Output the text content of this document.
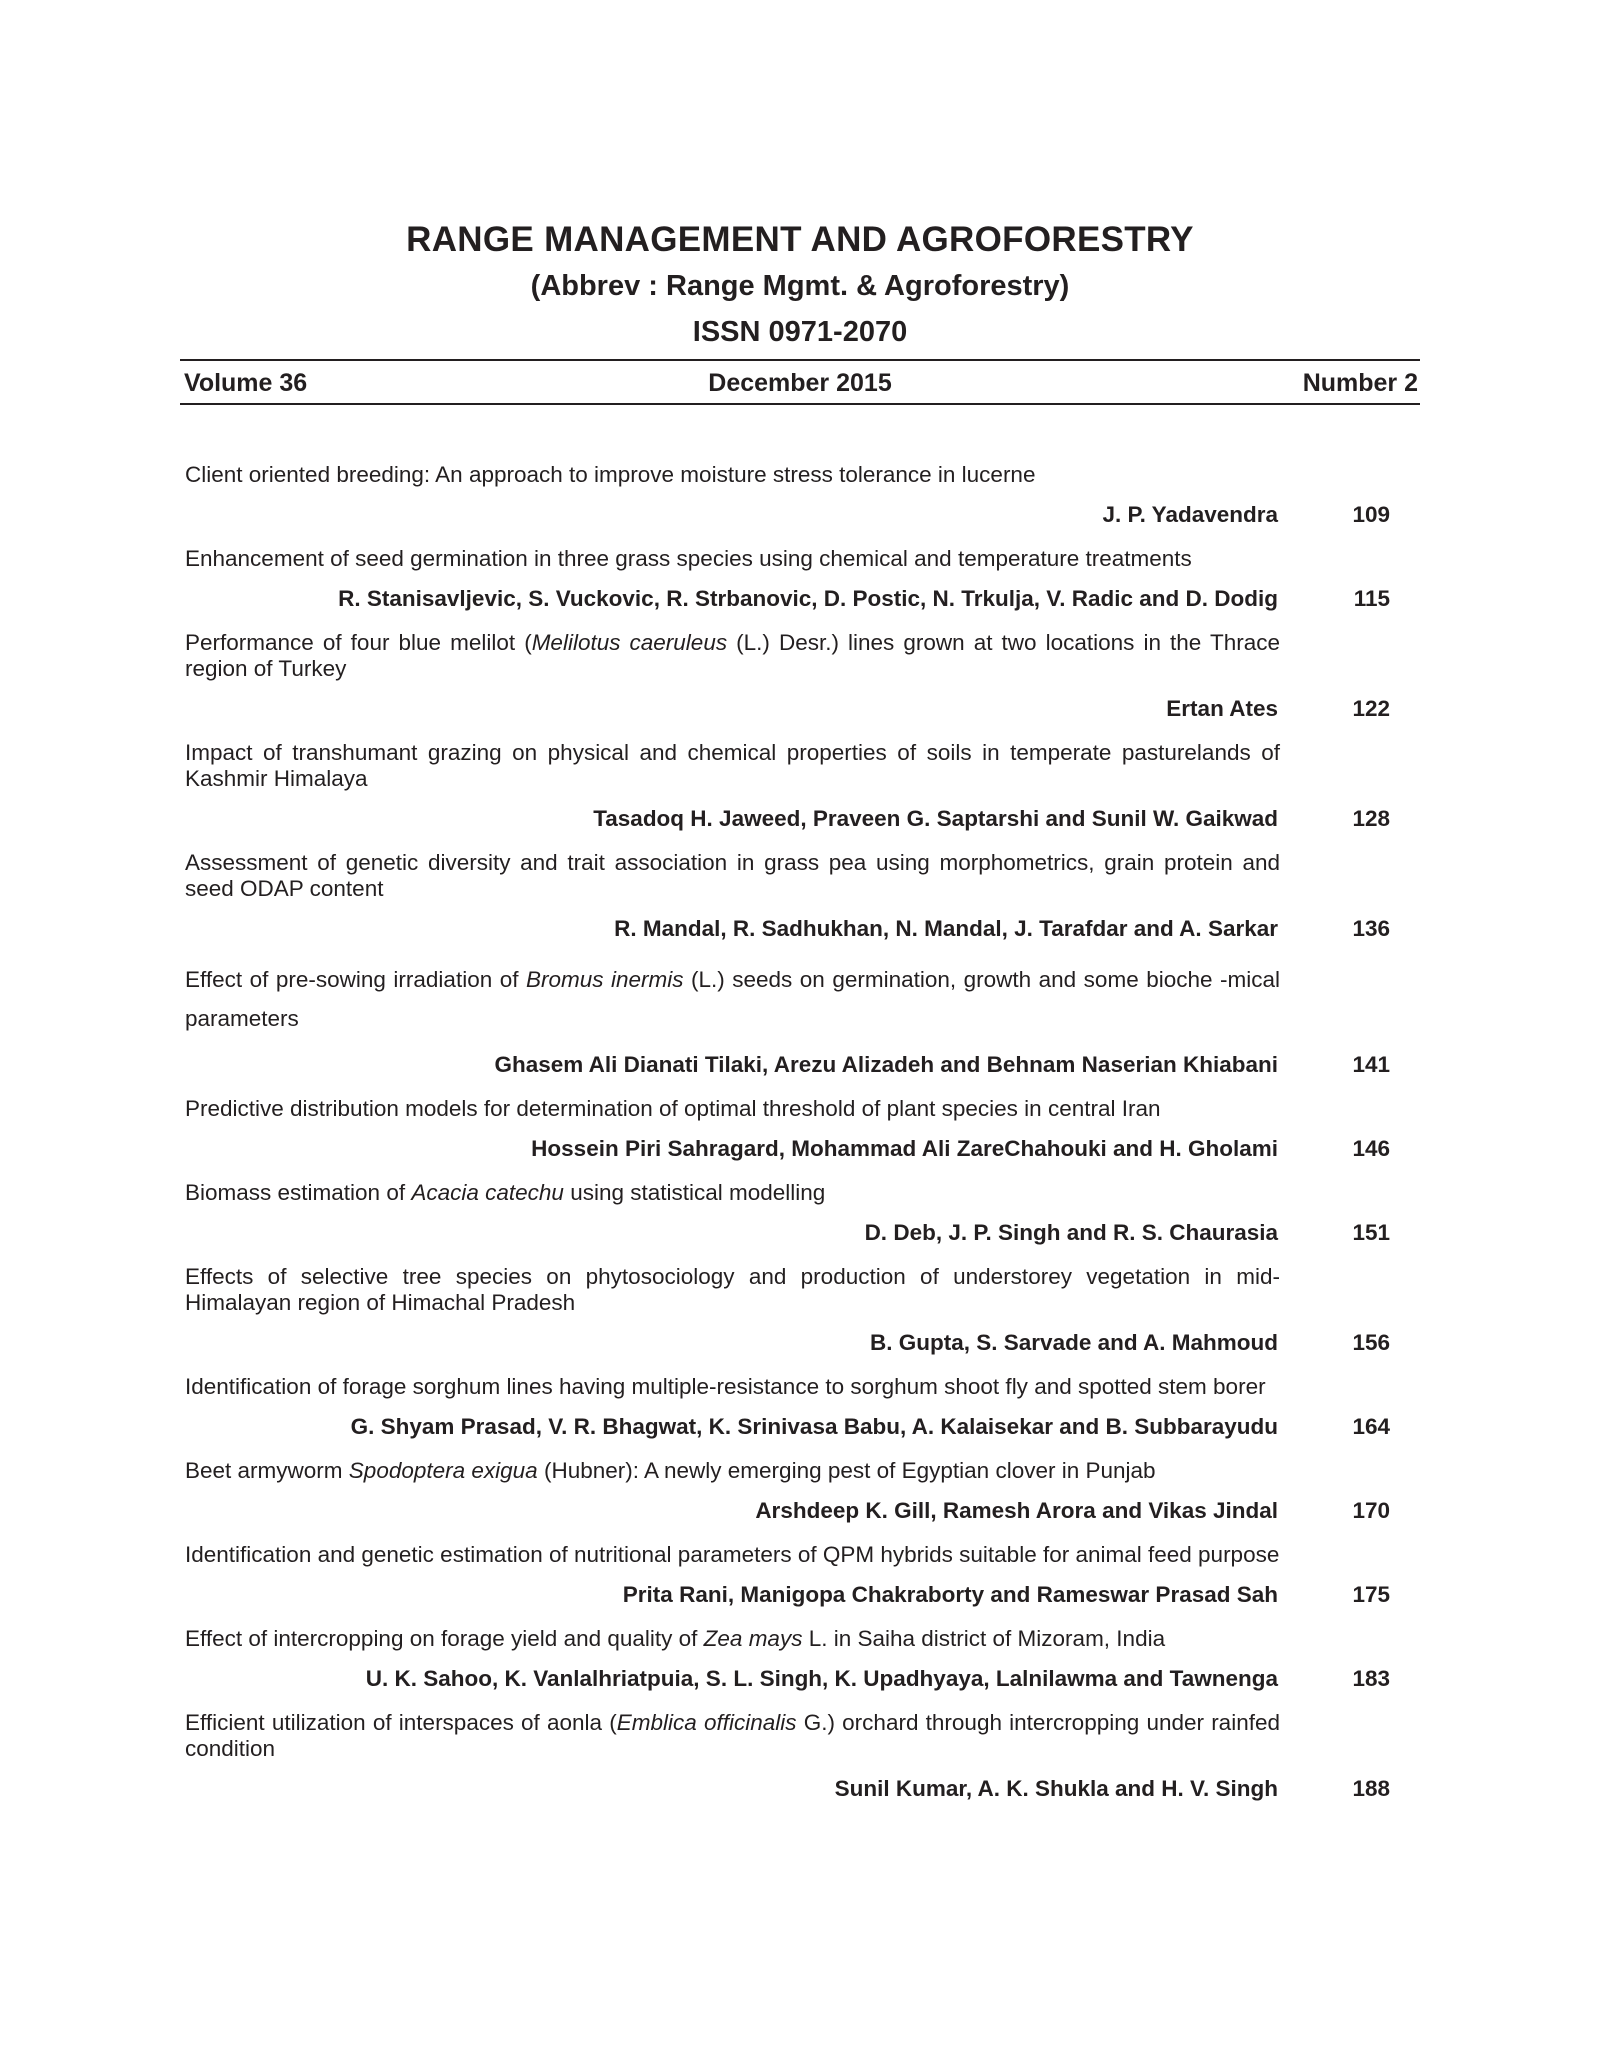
RANGE MANAGEMENT AND AGROFORESTRY
(Abbrev : Range Mgmt. & Agroforestry)
ISSN 0971-2070
Volume 36	December 2015	Number 2
Client oriented breeding: An approach to improve moisture stress tolerance in lucerne
J. P. Yadavendra	109
Enhancement of seed germination in three grass species using chemical and temperature treatments
R. Stanisavljevic, S. Vuckovic, R. Strbanovic, D. Postic, N. Trkulja, V. Radic and D. Dodig	115
Performance of four blue melilot (Melilotus caeruleus (L.) Desr.) lines grown at two locations in the Thrace region of Turkey
Ertan Ates	122
Impact of transhumant grazing on physical and chemical properties of soils in temperate pasturelands of Kashmir Himalaya
Tasadoq H. Jaweed, Praveen G. Saptarshi and Sunil W. Gaikwad	128
Assessment of genetic diversity and trait association in grass pea using morphometrics, grain protein and seed ODAP content
R. Mandal, R. Sadhukhan, N. Mandal, J. Tarafdar and A. Sarkar	136
Effect of pre-sowing irradiation of Bromus inermis (L.) seeds on germination, growth and some bioche -mical parameters
Ghasem Ali Dianati Tilaki, Arezu Alizadeh and Behnam Naserian Khiabani	141
Predictive distribution models for determination of optimal threshold of plant species in central Iran
Hossein Piri Sahragard, Mohammad Ali ZareChahouki and H. Gholami	146
Biomass estimation of Acacia catechu using statistical modelling
D. Deb, J. P. Singh and R. S. Chaurasia	151
Effects of selective tree species on phytosociology and production of understorey vegetation in mid-Himalayan region of Himachal Pradesh
B. Gupta, S. Sarvade and A. Mahmoud	156
Identification of forage sorghum lines having multiple-resistance to sorghum shoot fly and spotted stem borer
G. Shyam Prasad, V. R. Bhagwat, K. Srinivasa Babu, A. Kalaisekar and B. Subbarayudu	164
Beet armyworm Spodoptera exigua (Hubner): A newly emerging pest of Egyptian clover in Punjab
Arshdeep K. Gill, Ramesh Arora and Vikas Jindal	170
Identification and genetic estimation of nutritional parameters of QPM hybrids suitable for animal feed purpose
Prita Rani, Manigopa Chakraborty and Rameswar Prasad Sah	175
Effect of intercropping on forage yield and quality of Zea mays L. in Saiha district of Mizoram, India
U. K. Sahoo, K. Vanlalhriatpuia, S. L. Singh, K. Upadhyaya, Lalnilawma and Tawnenga	183
Efficient utilization of interspaces of aonla (Emblica officinalis G.) orchard through intercropping under rainfed condition
Sunil Kumar, A. K. Shukla and H. V. Singh	188
